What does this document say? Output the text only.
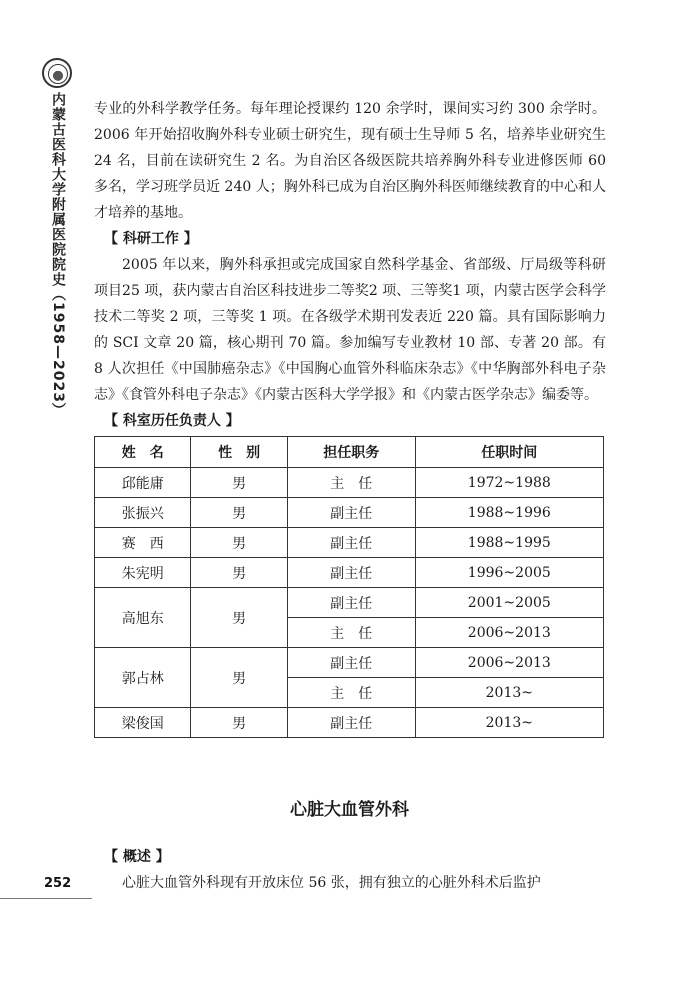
内蒙古医科大学附属医院院史（1958—2023）
252

专业的外科学教学任务。每年理论授课约 120 余学时，课间实习约 300 余学时。2006 年开始招收胸外科专业硕士研究生，现有硕士生导师 5 名，培养毕业研究生 24 名，目前在读研究生 2 名。为自治区各级医院共培养胸外科专业进修医师 60 多名，学习班学员近 240 人；胸外科已成为自治区胸外科医师继续教育的中心和人才培养的基地。

【 科研工作 】

2005 年以来，胸外科承担或完成国家自然科学基金、省部级、厅局级等科研项目25 项，获内蒙古自治区科技进步二等奖2 项、三等奖1 项，内蒙古医学会科学技术二等奖 2 项，三等奖 1 项。在各级学术期刊发表近 220 篇。具有国际影响力的 SCI 文章 20 篇，核心期刊 70 篇。参加编写专业教材 10 部、专著 20 部。有 8 人次担任《中国肺癌杂志》《中国胸心血管外科临床杂志》《中华胸部外科电子杂志》《食管外科电子杂志》《内蒙古医科大学学报》和《内蒙古医学杂志》编委等。

【 科室历任负责人 】

姓　名	性　别	担任职务	任职时间
邱能庸	男	主　任	1972~1988
张振兴	男	副主任	1988~1996
赛　西	男	副主任	1988~1995
朱宪明	男	副主任	1996~2005
高旭东	男	副主任	2001~2005
		主　任	2006~2013
郭占林	男	副主任	2006~2013
		主　任	2013~
梁俊国	男	副主任	2013~
心脏大血管外科

【 概述 】

心脏大血管外科现有开放床位 56 张，拥有独立的心脏外科术后监护
